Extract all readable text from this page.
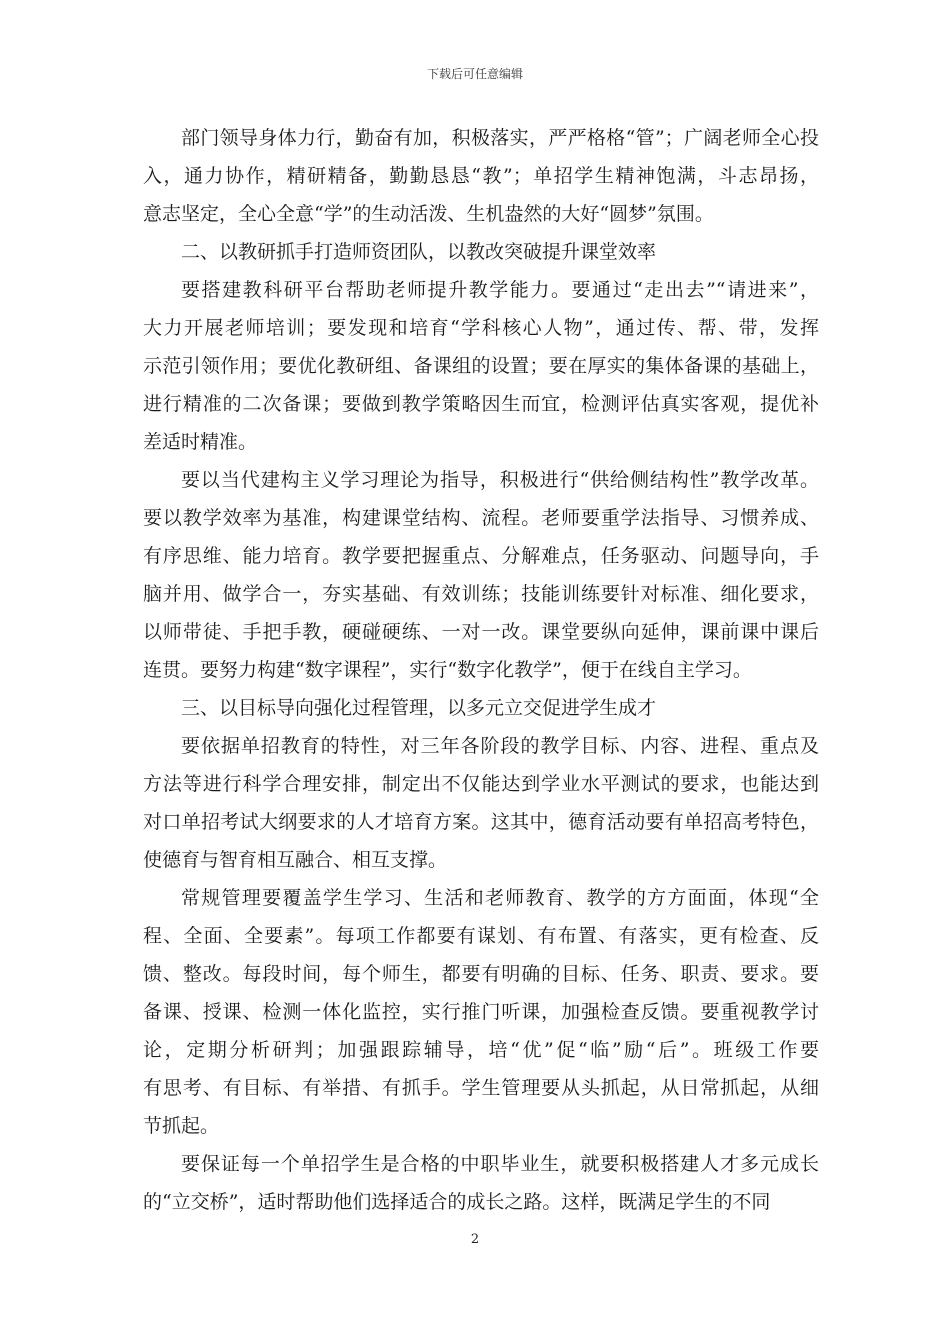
下载后可任意编辑
部门领导身体力行，勤奋有加，积极落实，严严格格“管”；广阔老师全心投
入，通力协作，精研精备，勤勤恳恳“教”；单招学生精神饱满，斗志昂扬，
意志坚定，全心全意“学”的生动活泼、生机盎然的大好“圆梦”氛围。
二、以教研抓手打造师资团队，以教改突破提升课堂效率
要搭建教科研平台帮助老师提升教学能力。要通过“走出去”“请进来”，
大力开展老师培训；要发现和培育“学科核心人物”，通过传、帮、带，发挥
示范引领作用；要优化教研组、备课组的设置；要在厚实的集体备课的基础上，
进行精准的二次备课；要做到教学策略因生而宜，检测评估真实客观，提优补
差适时精准。
要以当代建构主义学习理论为指导，积极进行“供给侧结构性”教学改革。
要以教学效率为基准，构建课堂结构、流程。老师要重学法指导、习惯养成、
有序思维、能力培育。教学要把握重点、分解难点，任务驱动、问题导向，手
脑并用、做学合一，夯实基础、有效训练；技能训练要针对标准、细化要求，
以师带徒、手把手教，硬碰硬练、一对一改。课堂要纵向延伸，课前课中课后
连贯。要努力构建“数字课程”，实行“数字化教学”，便于在线自主学习。
三、以目标导向强化过程管理，以多元立交促进学生成才
要依据单招教育的特性，对三年各阶段的教学目标、内容、进程、重点及
方法等进行科学合理安排，制定出不仅能达到学业水平测试的要求，也能达到
对口单招考试大纲要求的人才培育方案。这其中，德育活动要有单招高考特色，
使德育与智育相互融合、相互支撑。
常规管理要覆盖学生学习、生活和老师教育、教学的方方面面，体现“全
程、全面、全要素”。每项工作都要有谋划、有布置、有落实，更有检查、反
馈、整改。每段时间，每个师生，都要有明确的目标、任务、职责、要求。要
备课、授课、检测一体化监控，实行推门听课，加强检查反馈。要重视教学讨
论，定期分析研判；加强跟踪辅导，培“优”促“临”励“后”。班级工作要
有思考、有目标、有举措、有抓手。学生管理要从头抓起，从日常抓起，从细
节抓起。
要保证每一个单招学生是合格的中职毕业生，就要积极搭建人才多元成长
的“立交桥”，适时帮助他们选择适合的成长之路。这样，既满足学生的不同
2
